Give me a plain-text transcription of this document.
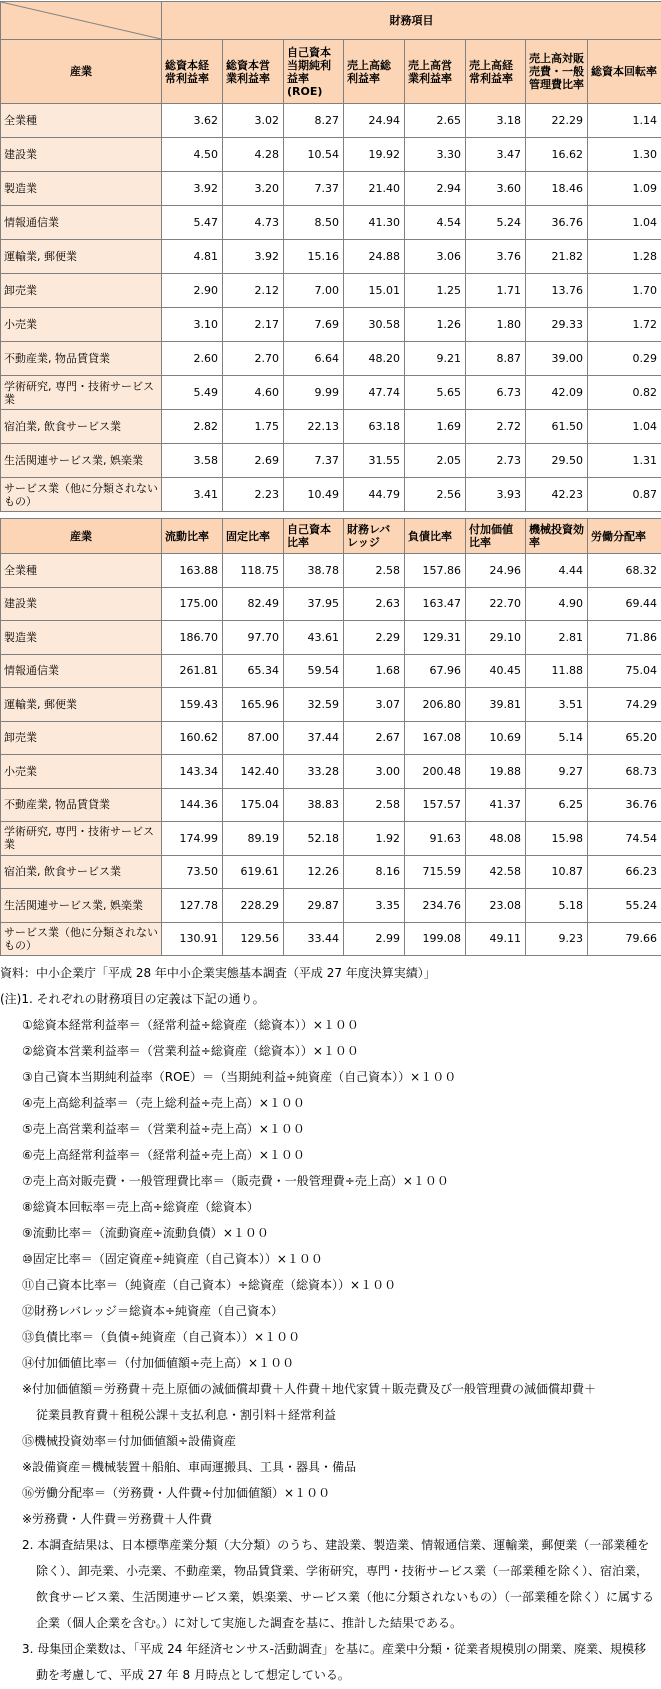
	財務項目							
産業	総資本経常利益率	総資本営業利益率	自己資本当期純利益率(ROE)	売上高総利益率	売上高営業利益率	売上高経常利益率	売上高対販売費・一般管理費比率	総資本回転率
全業種	3.62	3.02	8.27	24.94	2.65	3.18	22.29	1.14
建設業	4.50	4.28	10.54	19.92	3.30	3.47	16.62	1.30
製造業	3.92	3.20	7.37	21.40	2.94	3.60	18.46	1.09
情報通信業	5.47	4.73	8.50	41.30	4.54	5.24	36.76	1.04
運輸業, 郵便業	4.81	3.92	15.16	24.88	3.06	3.76	21.82	1.28
卸売業	2.90	2.12	7.00	15.01	1.25	1.71	13.76	1.70
小売業	3.10	2.17	7.69	30.58	1.26	1.80	29.33	1.72
不動産業, 物品賃貸業	2.60	2.70	6.64	48.20	9.21	8.87	39.00	0.29
学術研究, 専門・技術サービス業	5.49	4.60	9.99	47.74	5.65	6.73	42.09	0.82
宿泊業, 飲食サービス業	2.82	1.75	22.13	63.18	1.69	2.72	61.50	1.04
生活関連サービス業, 娯楽業	3.58	2.69	7.37	31.55	2.05	2.73	29.50	1.31
サービス業（他に分類されないもの）	3.41	2.23	10.49	44.79	2.56	3.93	42.23	0.87
産業	流動比率	固定比率	自己資本比率	財務レバレッジ	負債比率	付加価値比率	機械投資効率	労働分配率
全業種	163.88	118.75	38.78	2.58	157.86	24.96	4.44	68.32
建設業	175.00	82.49	37.95	2.63	163.47	22.70	4.90	69.44
製造業	186.70	97.70	43.61	2.29	129.31	29.10	2.81	71.86
情報通信業	261.81	65.34	59.54	1.68	67.96	40.45	11.88	75.04
運輸業, 郵便業	159.43	165.96	32.59	3.07	206.80	39.81	3.51	74.29
卸売業	160.62	87.00	37.44	2.67	167.08	10.69	5.14	65.20
小売業	143.34	142.40	33.28	3.00	200.48	19.88	9.27	68.73
不動産業, 物品賃貸業	144.36	175.04	38.83	2.58	157.57	41.37	6.25	36.76
学術研究, 専門・技術サービス業	174.99	89.19	52.18	1.92	91.63	48.08	15.98	74.54
宿泊業, 飲食サービス業	73.50	619.61	12.26	8.16	715.59	42.58	10.87	66.23
生活関連サービス業, 娯楽業	127.78	228.29	29.87	3.35	234.76	23.08	5.18	55.24
サービス業（他に分類されないもの）	130.91	129.56	33.44	2.99	199.08	49.11	9.23	79.66
資料：中小企業庁「平成 28 年中小企業実態基本調査（平成 27 年度決算実績）」
(注)1. それぞれの財務項目の定義は下記の通り。
①総資本経常利益率＝（経常利益÷総資産（総資本））×１００
②総資本営業利益率＝（営業利益÷総資産（総資本））×１００
③自己資本当期純利益率（ROE）＝（当期純利益÷純資産（自己資本））×１００
④売上高総利益率＝（売上総利益÷売上高）×１００
⑤売上高営業利益率＝（営業利益÷売上高）×１００
⑥売上高経常利益率＝（経常利益÷売上高）×１００
⑦売上高対販売費・一般管理費比率＝（販売費・一般管理費÷売上高）×１００
⑧総資本回転率＝売上高÷総資産（総資本）
⑨流動比率＝（流動資産÷流動負債）×１００
⑩固定比率＝（固定資産÷純資産（自己資本））×１００
⑪自己資本比率＝（純資産（自己資本）÷総資産（総資本））×１００
⑫財務レバレッジ＝総資本÷純資産（自己資本）
⑬負債比率＝（負債÷純資産（自己資本））×１００
⑭付加価値比率＝（付加価値額÷売上高）×１００
※付加価値額＝労務費＋売上原価の減価償却費＋人件費＋地代家賃＋販売費及び一般管理費の減価償却費＋
従業員教育費＋租税公課＋支払利息・割引料＋経常利益
⑮機械投資効率＝付加価値額÷設備資産
※設備資産＝機械装置＋船舶、車両運搬具、工具・器具・備品
⑯労働分配率＝（労務費・人件費÷付加価値額）×１００
※労務費・人件費＝労務費＋人件費
2. 本調査結果は、日本標準産業分類（大分類）のうち、建設業、製造業、情報通信業、運輸業，郵便業（一部業種を除く）、卸売業、小売業、不動産業，物品賃貸業、学術研究，専門・技術サービス業（一部業種を除く）、宿泊業，飲食サービス業、生活関連サービス業，娯楽業、サービス業（他に分類されないもの）（一部業種を除く）に属する企業（個人企業を含む。）に対して実施した調査を基に、推計した結果である。
3. 母集団企業数は、「平成 24 年経済センサス‐活動調査」を基に。産業中分類・従業者規模別の開業、廃業、規模移動を考慮して、平成 27 年 8 月時点として想定している。
